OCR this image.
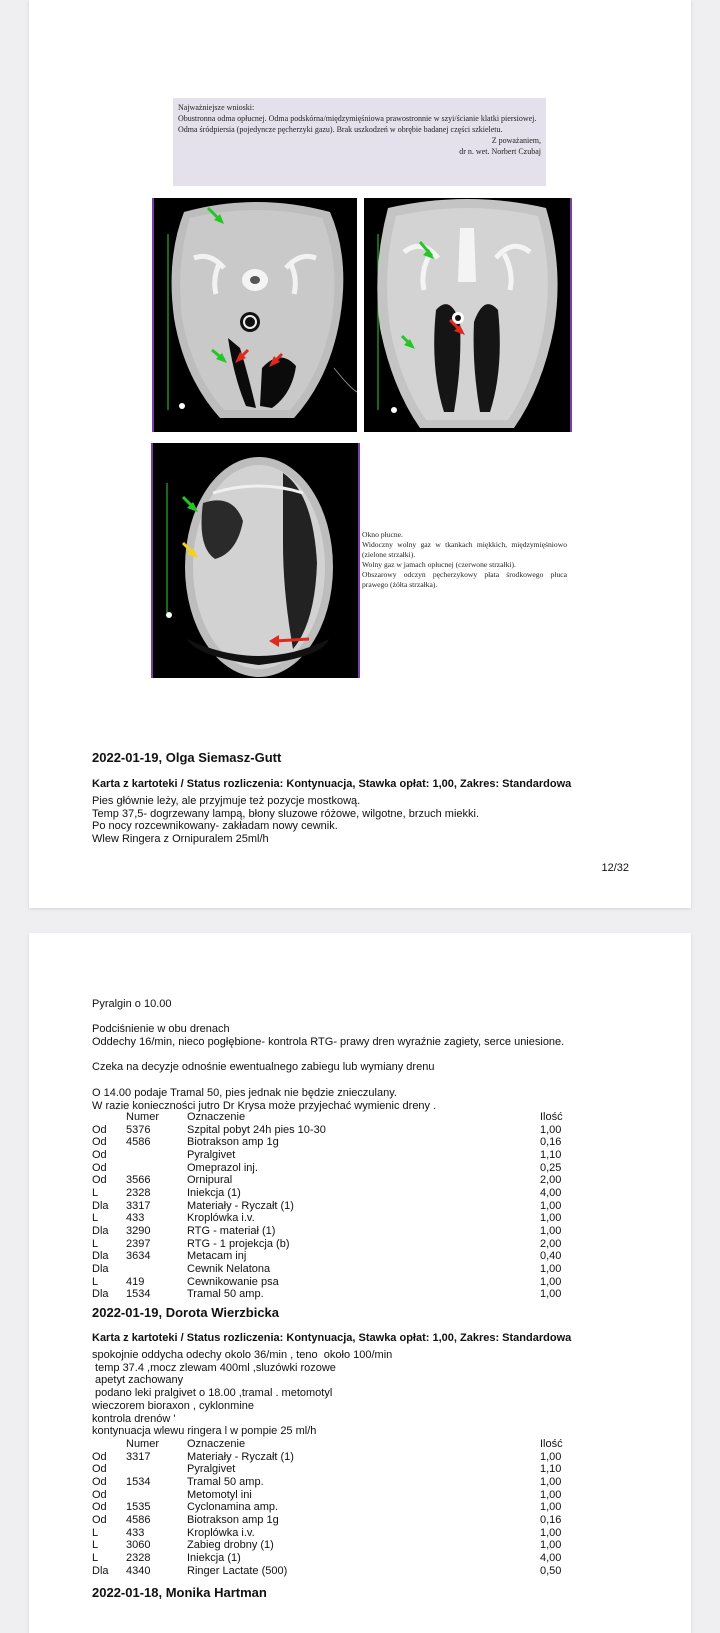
Najważniejsze wnioski:
Obustronna odma opłucnej. Odma podskórna/międzymięśniowa prawostronnie w szyi/ścianie klatki piersiowej. Odma śródpiersia (pojedyncze pęcherzyki gazu). Brak uszkodzeń w obrębie badanej części szkieletu.
Z poważaniem,
dr n. wet. Norbert Czubaj
Okno płucne.
Widoczny wolny gaz w tkankach miękkich, międzymięśniowo (zielone strzałki).
Wolny gaz w jamach opłucnej (czerwone strzałki).
Obszarowy odczyn pęcherzykowy płata środkowego płuca prawego (żółta strzałka).
2022-01-19, Olga Siemasz-Gutt
Karta z kartoteki / Status rozliczenia: Kontynuacja, Stawka opłat: 1,00, Zakres: Standardowa
Pies głównie leży, ale przyjmuje też pozycje mostkową.
Temp 37,5- dogrzewany lampą, błony sluzowe różowe, wilgotne, brzuch miekki.
Po nocy rozcewnikowany- zakładam nowy cewnik.
Wlew Ringera z Ornipuralem 25ml/h
12/32
Pyralgin o 10.00
Podciśnienie w obu drenach
Oddechy 16/min, nieco pogłębione- kontrola RTG- prawy dren wyraźnie zagiety, serce uniesione.
Czeka na decyzje odnośnie ewentualnego zabiegu lub wymiany drenu
O 14.00 podaje Tramal 50, pies jednak nie będzie znieczulany.
W razie konieczności jutro Dr Krysa może przyjechać wymienic dreny .
	Numer	Oznaczenie	Ilość
Od	5376	Szpital pobyt 24h pies 10-30	1,00
Od	4586	Biotrakson amp 1g	0,16
Od		Pyralgivet	1,10
Od		Omeprazol inj.	0,25
Od	3566	Ornipural	2,00
L	2328	Iniekcja (1)	4,00
Dla	3317	Materiały - Ryczałt (1)	1,00
L	433	Kroplówka i.v.	1,00
Dla	3290	RTG - materiał (1)	1,00
L	2397	RTG - 1 projekcja (b)	2,00
Dla	3634	Metacam inj	0,40
Dla		Cewnik Nelatona	1,00
L	419	Cewnikowanie psa	1,00
Dla	1534	Tramal 50 amp.	1,00
2022-01-19, Dorota Wierzbicka
Karta z kartoteki / Status rozliczenia: Kontynuacja, Stawka opłat: 1,00, Zakres: Standardowa
spokojnie oddycha odechy okolo 36/min , teno  około 100/min
temp 37.4 ,mocz zlewam 400ml ,sluzówki rozowe
apetyt zachowany
podano leki pralgivet o 18.00 ,tramal . metomotyl
wieczorem bioraxon , cyklonmine
kontrola drenów '
kontynuacja wlewu ringera l w pompie 25 ml/h
	Numer	Oznaczenie	Ilość
Od	3317	Materiały - Ryczałt (1)	1,00
Od		Pyralgivet	1,10
Od	1534	Tramal 50 amp.	1,00
Od		Metomotyl ini	1,00
Od	1535	Cyclonamina amp.	1,00
Od	4586	Biotrakson amp 1g	0,16
L	433	Kroplówka i.v.	1,00
L	3060	Zabieg drobny (1)	1,00
L	2328	Iniekcja (1)	4,00
Dla	4340	Ringer Lactate (500)	0,50
2022-01-18, Monika Hartman
